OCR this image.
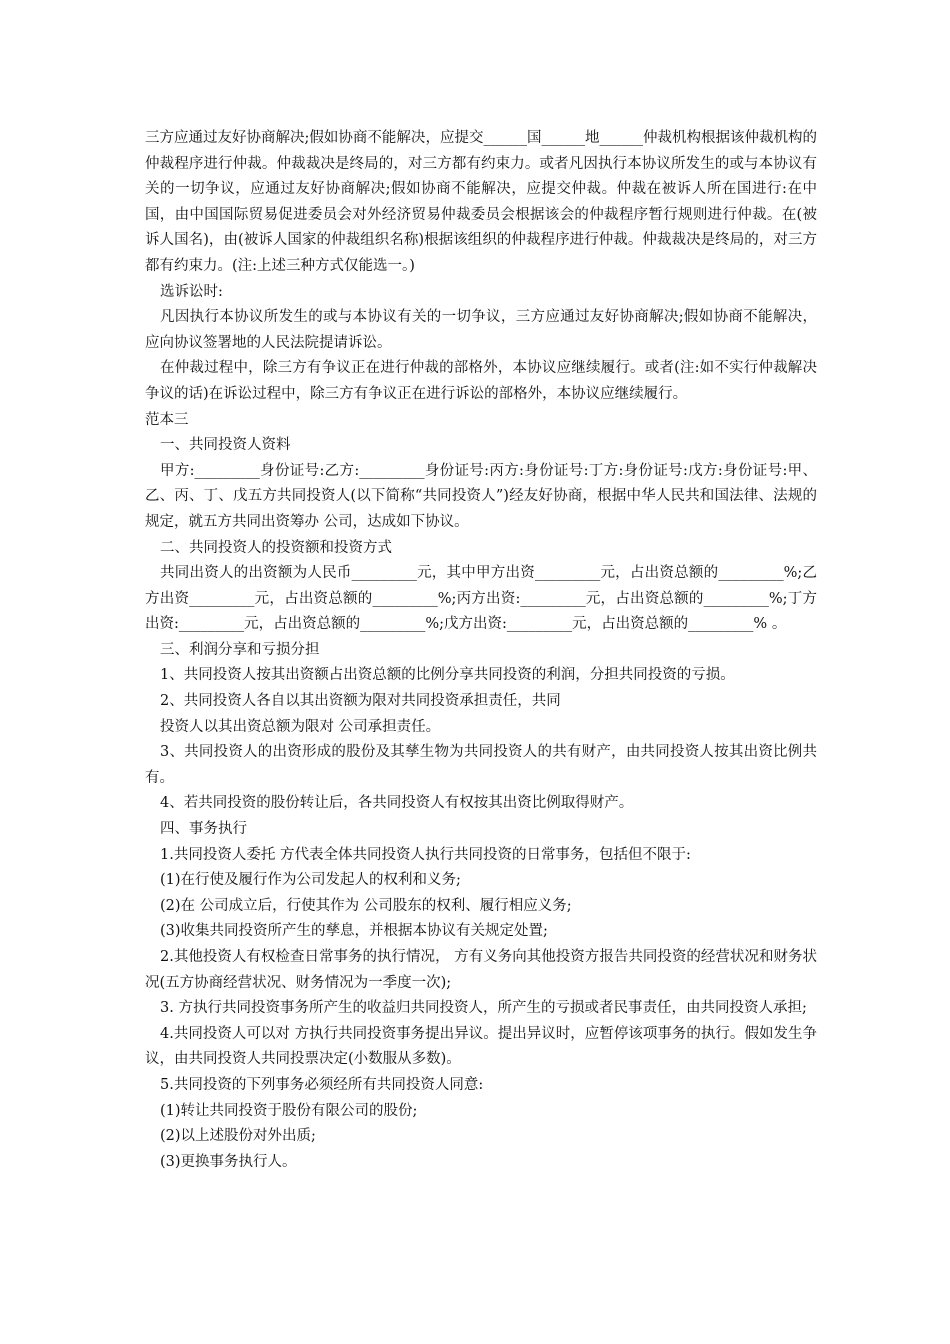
三方应通过友好协商解决;假如协商不能解决，应提交______国______地______仲裁机构根据该仲裁机构的仲裁程序进行仲裁。仲裁裁决是终局的，对三方都有约束力。或者凡因执行本协议所发生的或与本协议有关的一切争议，应通过友好协商解决;假如协商不能解决，应提交仲裁。仲裁在被诉人所在国进行:在中国，由中国国际贸易促进委员会对外经济贸易仲裁委员会根据该会的仲裁程序暂行规则进行仲裁。在(被诉人国名)，由(被诉人国家的仲裁组织名称)根据该组织的仲裁程序进行仲裁。仲裁裁决是终局的，对三方都有约束力。(注:上述三种方式仅能选一。)

选诉讼时:

凡因执行本协议所发生的或与本协议有关的一切争议，三方应通过友好协商解决;假如协商不能解决，应向协议签署地的人民法院提请诉讼。

在仲裁过程中，除三方有争议正在进行仲裁的部格外，本协议应继续履行。或者(注:如不实行仲裁解决争议的话)在诉讼过程中，除三方有争议正在进行诉讼的部格外，本协议应继续履行。

范本三

一、共同投资人资料

甲方:_________身份证号:乙方:_________身份证号:丙方:身份证号:丁方:身份证号:戊方:身份证号:甲、乙、丙、丁、戊五方共同投资人(以下简称“共同投资人”)经友好协商，根据中华人民共和国法律、法规的规定，就五方共同出资筹办 公司，达成如下协议。

二、共同投资人的投资额和投资方式

共同出资人的出资额为人民币_________元，其中甲方出资_________元，占出资总额的_________%;乙方出资_________元，占出资总额的_________%;丙方出资:_________元，占出资总额的_________%;丁方出资:_________元，占出资总额的_________%;戊方出资:_________元，占出资总额的_________% 。

三、利润分享和亏损分担

1、共同投资人按其出资额占出资总额的比例分享共同投资的利润，分担共同投资的亏损。

2、共同投资人各自以其出资额为限对共同投资承担责任，共同

投资人以其出资总额为限对 公司承担责任。

3、共同投资人的出资形成的股份及其孳生物为共同投资人的共有财产，由共同投资人按其出资比例共有。

4、若共同投资的股份转让后，各共同投资人有权按其出资比例取得财产。

四、事务执行

1.共同投资人委托 方代表全体共同投资人执行共同投资的日常事务，包括但不限于:

(1)在行使及履行作为公司发起人的权利和义务;

(2)在 公司成立后，行使其作为 公司股东的权利、履行相应义务;

(3)收集共同投资所产生的孳息，并根据本协议有关规定处置;

2.其他投资人有权检查日常事务的执行情况， 方有义务向其他投资方报告共同投资的经营状况和财务状况(五方协商经营状况、财务情况为一季度一次);

3. 方执行共同投资事务所产生的收益归共同投资人，所产生的亏损或者民事责任，由共同投资人承担;

4.共同投资人可以对 方执行共同投资事务提出异议。提出异议时，应暂停该项事务的执行。假如发生争议，由共同投资人共同投票决定(小数服从多数)。

5.共同投资的下列事务必须经所有共同投资人同意:

(1)转让共同投资于股份有限公司的股份;

(2)以上述股份对外出质;

(3)更换事务执行人。
